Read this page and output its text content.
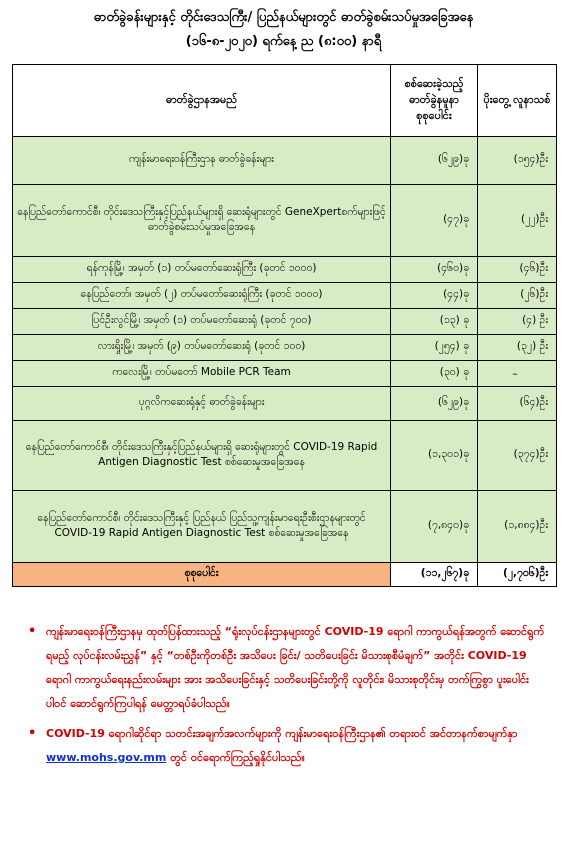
ဓာတ်ခွဲခန်းများနှင့် တိုင်းဒေသကြီး/ ပြည်နယ်များတွင် ဓာတ်ခွဲစမ်းသပ်မှုအခြေအနေ
(၁၆-၈-၂၀၂၀) ရက်နေ့ ည (၈:၀၀) နာရီ
ဓာတ်ခွဲဌာနအမည်	စစ်ဆေးခဲ့သည့် ဓာတ်ခွဲနမူနာ စုစုပေါင်း	ပိုးတွေ့ လူနာသစ်
ကျန်းမာရေးဝန်ကြီးဌာန ဓာတ်ခွဲခန်းများ	(၆၂၉)ခု	(၁၅၄)ဦး
နေပြည်တော်ကောင်စီ၊ တိုင်းဒေသကြီးနှင့်ပြည်နယ်များရှိ ဆေးရုံများတွင် GeneXpertစက်များဖြင့် ဓာတ်ခွဲစမ်းသပ်မှုအခြေအနေ	(၄၇)ခု	(၂၂)ဦး
ရန်ကုန်မြို့၊ အမှတ် (၁) တပ်မတော်ဆေးရုံကြီး (ခုတင် ၁၀၀၀)	(၄၆၀)ခု	(၄၆)ဦး
နေပြည်တော်၊ အမှတ် (၂) တပ်မတော်ဆေးရုံကြီး (ခုတင် ၁၀၀၀)	(၄၄)ခု	(၂၆)ဦး
ပြင်ဦးလွင်မြို့၊ အမှတ် (၁) တပ်မတော်ဆေးရုံ (ခုတင် ၇၀၀)	(၁၃) ခု	(၄) ဦး
လားရှိုးမြို့၊ အမှတ် (၉) တပ်မတော်ဆေးရုံ (ခုတင် ၁၀၀)	(၂၅၄) ခု	(၃၂) ဦး
ကလေးမြို့၊ တပ်မတော် Mobile PCR Team	(၃၀) ခု	–
ပုဂ္ဂလိကဆေးရုံနှင့် ဓာတ်ခွဲခန်းများ	(၆၂၉)ခု	(၆၄)ဦး
နေပြည်တော်ကောင်စီ၊ တိုင်းဒေသကြီးနှင့်ပြည်နယ်များရှိ ဆေးရုံများတွင် COVID-19 Rapid Antigen Diagnostic Test စစ်ဆေးမှုအခြေအနေ	(၁,၃၀၁)ခု	(၃၇၄)ဦး
နေပြည်တော်ကောင်စီ၊ တိုင်းဒေသကြီးနှင့် ပြည်နယ် ပြည်သူ့ကျန်းမာရေးဦးစီးဌာနများတွင် COVID-19 Rapid Antigen Diagnostic Test စစ်ဆေးမှုအခြေအနေ	(၇,၈၄၀)ခု	(၁,၈၈၄)ဦး
စုစုပေါင်း	(၁၁,၂၆၇)ခု	(၂,၇၀၆)ဦး
• ကျန်းမာရေးဝန်ကြီးဌာနမှ ထုတ်ပြန်ထားသည့် “ရုံးလုပ်ငန်းဌာနများတွင် COVID-19 ရောဂါ ကာကွယ်ရန်အတွက် ဆောင်ရွက်ရမည့် လုပ်ငန်းလမ်းညွှန်” နှင့် “တစ်ဦးကိုတစ်ဦး အသိပေး ခြင်း/ သတိပေးခြင်း မိသားစုစီမံချက်” အတိုင်း COVID-19 ရောဂါ ကာကွယ်ရေးနည်းလမ်းများ အား အသိပေးခြင်းနှင့် သတိပေးခြင်းတို့ကို လူတိုင်း၊ မိသားစုတိုင်းမှ တက်ကြွစွာ ပူးပေါင်းပါဝင် ဆောင်ရွက်ကြပါရန် မေတ္တာရပ်ခံပါသည်။
• COVID-19 ရောဂါဆိုင်ရာ သတင်းအချက်အလက်များကို ကျန်းမာရေးဝန်ကြီးဌာန၏ တရားဝင် အင်တာနက်စာမျက်နှာ www.mohs.gov.mm တွင် ဝင်ရောက်ကြည့်ရှုနိုင်ပါသည်။
